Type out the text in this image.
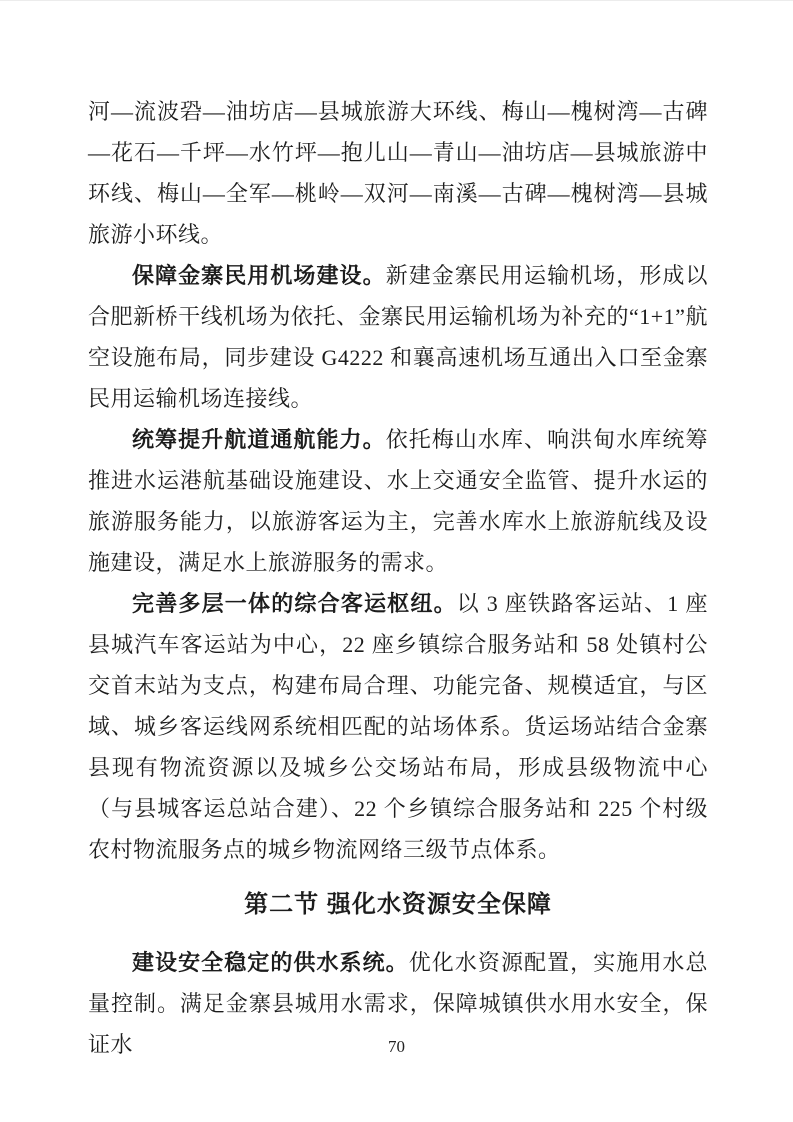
河—流波䂬—油坊店—县城旅游大环线、梅山—槐树湾—古碑—花石—千坪—水竹坪—抱儿山—青山—油坊店—县城旅游中环线、梅山—全军—桃岭—双河—南溪—古碑—槐树湾—县城旅游小环线。

保障金寨民用机场建设。新建金寨民用运输机场，形成以合肥新桥干线机场为依托、金寨民用运输机场为补充的“1+1”航空设施布局，同步建设 G4222 和襄高速机场互通出入口至金寨民用运输机场连接线。

统筹提升航道通航能力。依托梅山水库、响洪甸水库统筹推进水运港航基础设施建设、水上交通安全监管、提升水运的旅游服务能力，以旅游客运为主，完善水库水上旅游航线及设施建设，满足水上旅游服务的需求。

完善多层一体的综合客运枢纽。以 3 座铁路客运站、1 座县城汽车客运站为中心，22 座乡镇综合服务站和 58 处镇村公交首末站为支点，构建布局合理、功能完备、规模适宜，与区域、城乡客运线网系统相匹配的站场体系。货运场站结合金寨县现有物流资源以及城乡公交场站布局，形成县级物流中心（与县城客运总站合建）、22 个乡镇综合服务站和 225 个村级农村物流服务点的城乡物流网络三级节点体系。

第二节 强化水资源安全保障

建设安全稳定的供水系统。优化水资源配置，实施用水总量控制。满足金寨县城用水需求，保障城镇供水用水安全，保证水	70
